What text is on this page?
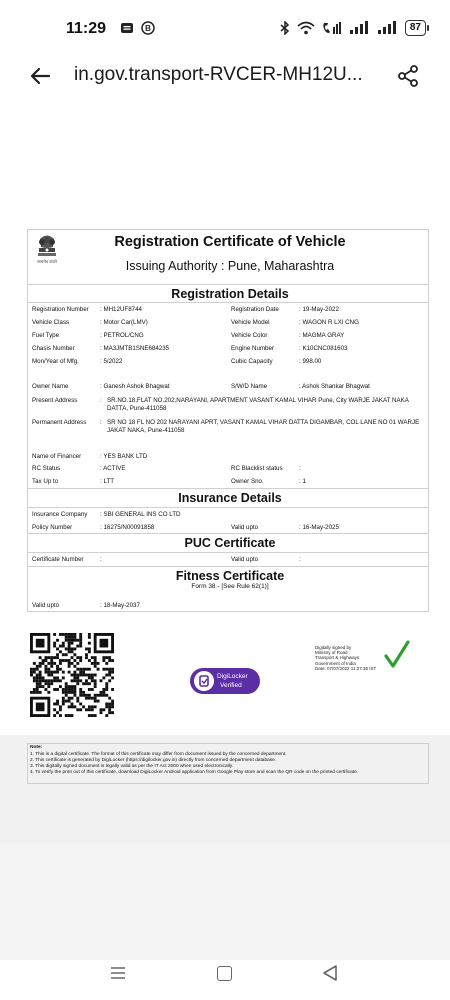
11:29	B	87
in.gov.transport-RVCER-MH12U...
सत्यमेव जयते
Registration Certificate of Vehicle
Issuing Authority : Pune, Maharashtra
Registration Details
Registration Number : MH12UF8744	Registration Date	: 19-May-2022
Vehicle Class	: Motor Car(LMV)	Vehicle Model	: WAGON R LXI CNG
Fuel Type	: PETROL/CNG	Vehicle Color	: MAGMA GRAY
Chasis Number	: MA3JMTB1SNE684235	Engine Number	: K10CNC081603
Mon/Year of Mfg.	: 5/2022	Cubic Capacity	: 998.00
Owner Name	: Ganesh Ashok Bhagwat	S/W/D Name	: Ashok Shankar Bhagwat
Present Address	: SR.NO.18,FLAT NO.202,NARAYANI, APARTMENT VASANT KAMAL VIHAR Pune, City WARJE JAKAT NAKA DATTA, Pune-411058
Permanent Address : SR NO 18 FL NO 202 NARAYANI APRT, VASANT KAMAL VIHAR DATTA DIGAMBAR, COL LANE NO 01 WARJE JAKAT NAKA, Pune-411058
Name of Financer	: YES BANK LTD
RC Status	: ACTIVE	RC Blacklist status	:
Tax Up to	: LTT	Owner Sno.	: 1
Insurance Details
Insurance Company : SBI GENERAL INS CO LTD
Policy Number	: 16275/N00091858	Valid upto	: 16-May-2025
PUC Certificate
Certificate Number	:	Valid upto	:
Fitness Certificate
Form 38 - [See Rule 62(1)]
Valid upto	: 18-May-2037
DigiLocker
Verified
Digitally signed by
Ministry of Road
Transport & Highways
Government of India
Date: 07/07/2022 11:27:36 IST
Note:
1. This is a digital certificate. The format of this certificate may differ from document issued by the concerned department.
2. This certificate is generated by DigiLocker (https://digilocker.gov.in) directly from concerned department database.
3. This digitally signed document is legally valid as per the IT Act 2000 when used electronically.
4. To verify the print out of this certificate, download DigiLocker Android application from Google Play store and scan the QR code on the printed certificate.
